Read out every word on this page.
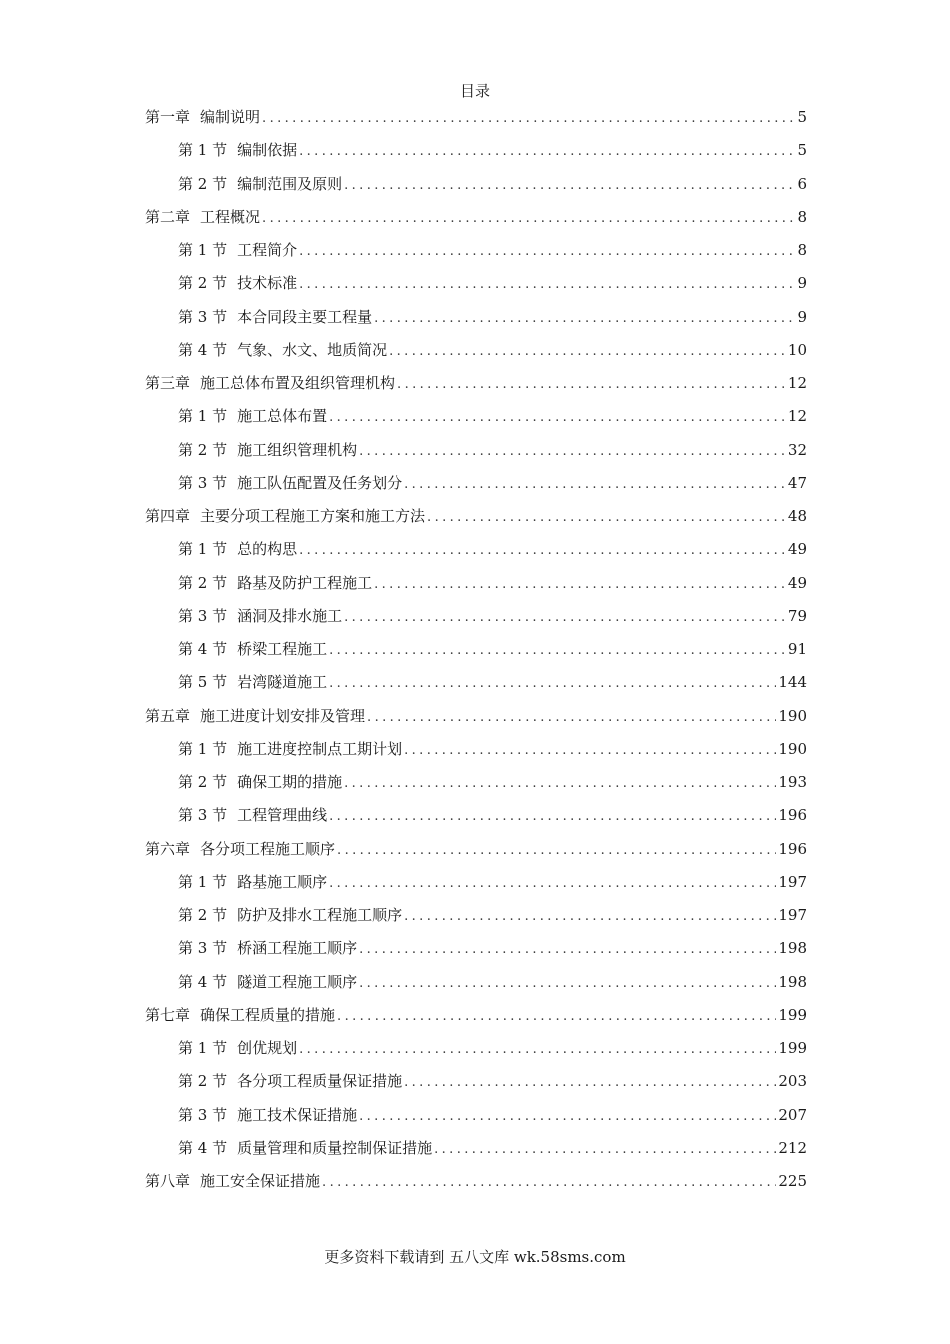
目录
第一章 编制说明 .....	5
第 1 节 编制依据 .....	5
第 2 节 编制范围及原则 .....	6
第二章 工程概况 .....	8
第 1 节 工程简介 .....	8
第 2 节 技术标准 .....	9
第 3 节 本合同段主要工程量 .....	9
第 4 节 气象、水文、地质简况 .....	10
第三章 施工总体布置及组织管理机构 .....	12
第 1 节 施工总体布置 .....	12
第 2 节 施工组织管理机构 .....	32
第 3 节 施工队伍配置及任务划分 .....	47
第四章 主要分项工程施工方案和施工方法 .....	48
第 1 节 总的构思 .....	49
第 2 节 路基及防护工程施工 .....	49
第 3 节 涵洞及排水施工 .....	79
第 4 节 桥梁工程施工 .....	91
第 5 节 岩湾隧道施工 .....	144
第五章 施工进度计划安排及管理 .....	190
第 1 节 施工进度控制点工期计划 .....	190
第 2 节 确保工期的措施 .....	193
第 3 节 工程管理曲线 .....	196
第六章 各分项工程施工顺序 .....	196
第 1 节 路基施工顺序 .....	197
第 2 节 防护及排水工程施工顺序 .....	197
第 3 节 桥涵工程施工顺序 .....	198
第 4 节 隧道工程施工顺序 .....	198
第七章 确保工程质量的措施 .....	199
第 1 节 创优规划 .....	199
第 2 节 各分项工程质量保证措施 .....	203
第 3 节 施工技术保证措施 .....	207
第 4 节 质量管理和质量控制保证措施 .....	212
第八章 施工安全保证措施 .....	225
更多资料下载请到 五八文库 wk.58sms.com
